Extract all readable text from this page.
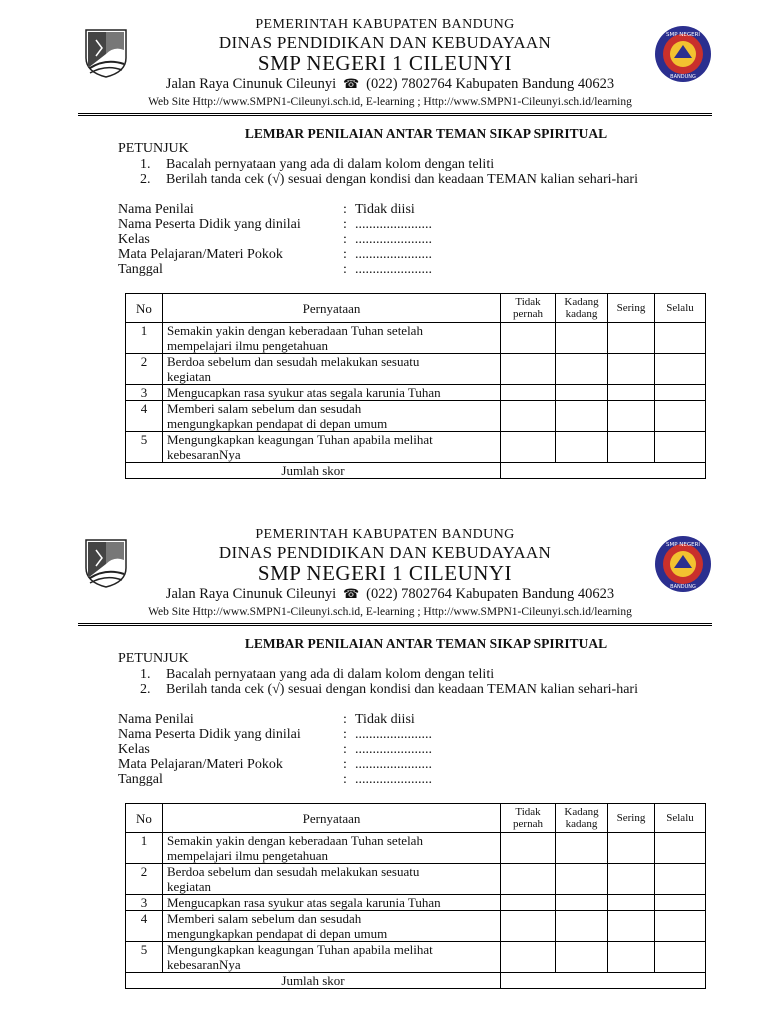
SMP NEGERI
BANDUNG
PEMERINTAH KABUPATEN BANDUNG
DINAS PENDIDIKAN DAN KEBUDAYAAN
SMP NEGERI 1 CILEUNYI
Jalan Raya Cinunuk Cileunyi  ☎  (022) 7802764 Kabupaten Bandung 40623
Web Site Http://www.SMPN1-Cileunyi.sch.id, E-learning ; Http://www.SMPN1-Cileunyi.sch.id/learning
LEMBAR PENILAIAN ANTAR TEMAN SIKAP SPIRITUAL
PETUNJUK
1. Bacalah pernyataan yang ada di dalam kolom dengan teliti
2. Berilah tanda cek (√) sesuai dengan kondisi dan keadaan TEMAN kalian sehari-hari
Nama Penilai	: Tidak diisi
Nama Peserta Didik yang dinilai	: ......................
Kelas	: ......................
Mata Pelajaran/Materi Pokok	: ......................
Tanggal	: ......................
No	Pernyataan	Tidak pernah	Kadang kadang	Sering	Selalu
1	Semakin yakin dengan keberadaan Tuhan setelah
mempelajari ilmu pengetahuan				

2	Berdoa sebelum dan sesudah melakukan sesuatu
kegiatan				

3	Mengucapkan rasa syukur atas segala karunia Tuhan				
4	Memberi salam sebelum dan sesudah
mengungkapkan pendapat di depan umum				

5	Mengungkapkan keagungan Tuhan apabila melihat
kebesaranNya				

Jumlah skor					
SMP NEGERI
BANDUNG
PEMERINTAH KABUPATEN BANDUNG
DINAS PENDIDIKAN DAN KEBUDAYAAN
SMP NEGERI 1 CILEUNYI
Jalan Raya Cinunuk Cileunyi  ☎  (022) 7802764 Kabupaten Bandung 40623
Web Site Http://www.SMPN1-Cileunyi.sch.id, E-learning ; Http://www.SMPN1-Cileunyi.sch.id/learning
LEMBAR PENILAIAN ANTAR TEMAN SIKAP SPIRITUAL
PETUNJUK
1. Bacalah pernyataan yang ada di dalam kolom dengan teliti
2. Berilah tanda cek (√) sesuai dengan kondisi dan keadaan TEMAN kalian sehari-hari
Nama Penilai	: Tidak diisi
Nama Peserta Didik yang dinilai	: ......................
Kelas	: ......................
Mata Pelajaran/Materi Pokok	: ......................
Tanggal	: ......................
No	Pernyataan	Tidak pernah	Kadang kadang	Sering	Selalu
1	Semakin yakin dengan keberadaan Tuhan setelah
mempelajari ilmu pengetahuan				

2	Berdoa sebelum dan sesudah melakukan sesuatu
kegiatan				

3	Mengucapkan rasa syukur atas segala karunia Tuhan				
4	Memberi salam sebelum dan sesudah
mengungkapkan pendapat di depan umum				

5	Mengungkapkan keagungan Tuhan apabila melihat
kebesaranNya				

Jumlah skor					
